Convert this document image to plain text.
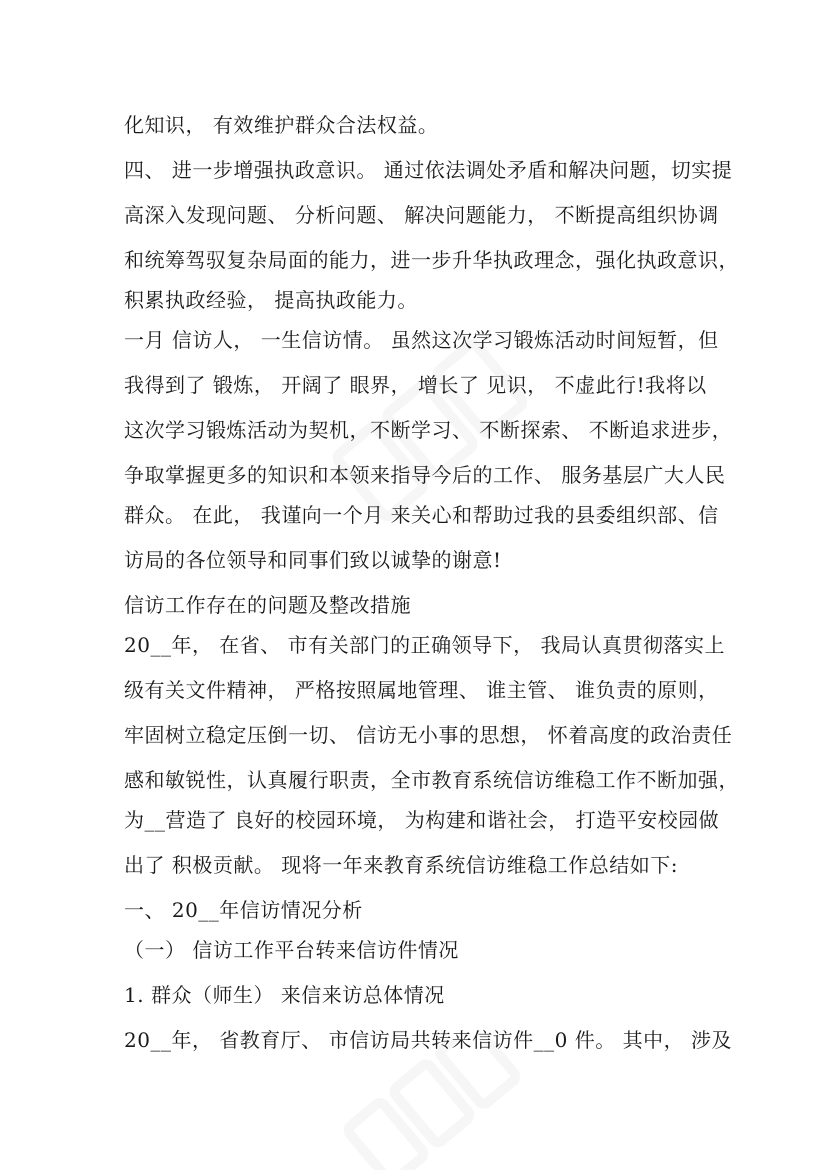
化知识， 有效维护群众合法权益。
四、 进一步增强执政意识。 通过依法调处矛盾和解决问题，切实提
高深入发现问题、 分析问题、 解决问题能力， 不断提高组织协调
和统筹驾驭复杂局面的能力，进一步升华执政理念，强化执政意识，
积累执政经验， 提高执政能力。
一月 信访人， 一生信访情。 虽然这次学习锻炼活动时间短暂，但
我得到了 锻炼， 开阔了 眼界， 增长了 见识， 不虚此行!我将以
这次学习锻炼活动为契机，不断学习、 不断探索、 不断追求进步，
争取掌握更多的知识和本领来指导今后的工作、 服务基层广大人民
群众。 在此， 我谨向一个月 来关心和帮助过我的县委组织部、信
访局的各位领导和同事们致以诚挚的谢意!
信访工作存在的问题及整改措施
20__年， 在省、 市有关部门的正确领导下， 我局认真贯彻落实上
级有关文件精神， 严格按照属地管理、 谁主管、 谁负责的原则，
牢固树立稳定压倒一切、 信访无小事的思想， 怀着高度的政治责任
感和敏锐性，认真履行职责，全市教育系统信访维稳工作不断加强，
为__营造了 良好的校园环境， 为构建和谐社会， 打造平安校园做
出了 积极贡献。 现将一年来教育系统信访维稳工作总结如下:
一、 20__年信访情况分析
（一） 信访工作平台转来信访件情况
1. 群众（师生） 来信来访总体情况
20__年， 省教育厅、 市信访局共转来信访件__0 件。 其中， 涉及
